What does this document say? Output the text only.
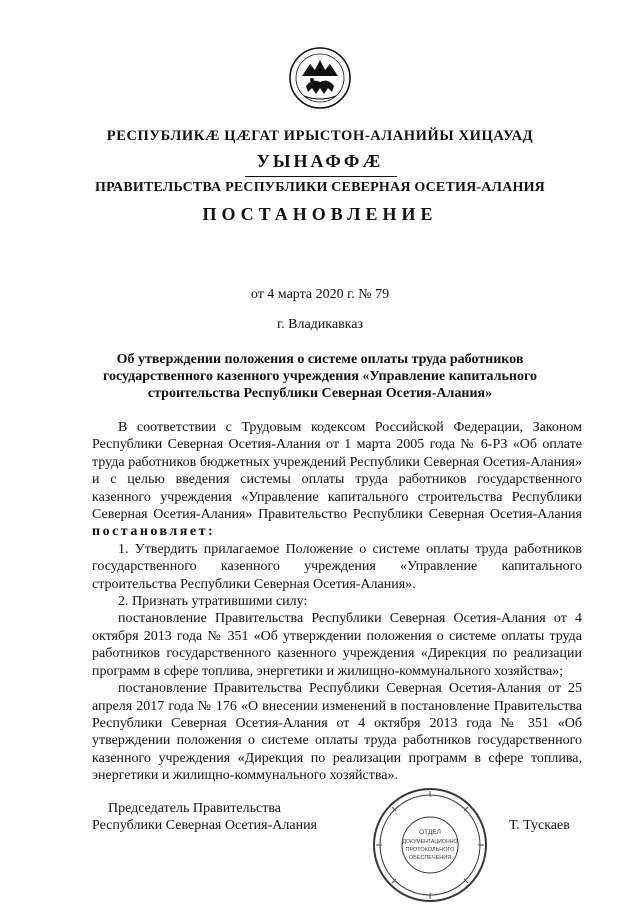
РЕСПУБЛИКӔ ЦӔГАТ ИРЫСТОН-АЛАНИЙЫ ХИЦАУАД
УЫНАФФӔ
ПРАВИТЕЛЬСТВА РЕСПУБЛИКИ СЕВЕРНАЯ ОСЕТИЯ-АЛАНИЯ
ПОСТАНОВЛЕНИЕ
от 4 марта 2020 г. № 79
г. Владикавказ
Об утверждении положения о системе оплаты труда работников государственного казенного учреждения «Управление капитального строительства Республики Северная Осетия-Алания»

В соответствии с Трудовым кодексом Российской Федерации, Законом Республики Северная Осетия-Алания от 1 марта 2005 года № 6-РЗ «Об оплате труда работников бюджетных учреждений Республики Северная Осетия-Алания» и с целью введения системы оплаты труда работников государственного казенного учреждения «Управление капитального строительства Республики Северная Осетия-Алания» Правительство Республики Северная Осетия-Алания постановляет:

1. Утвердить прилагаемое Положение о системе оплаты труда работников государственного казенного учреждения «Управление капитального строительства Республики Северная Осетия-Алания».

2. Признать утратившими силу:

постановление Правительства Республики Северная Осетия-Алания от 4 октября 2013 года № 351 «Об утверждении положения о системе оплаты труда работников государственного казенного учреждения «Дирекция по реализации программ в сфере топлива, энергетики и жилищно-коммунального хозяйства»;

постановление Правительства Республики Северная Осетия-Алания от 25 апреля 2017 года № 176 «О внесении изменений в постановление Правительства Республики Северная Осетия-Алания от 4 октября 2013 года № 351 «Об утверждении положения о системе оплаты труда работников государственного казенного учреждения «Дирекция по реализации программ в сфере топлива, энергетики и жилищно-коммунального хозяйства».

ОТДЕЛ
ДОКУМЕНТАЦИОННО
ПРОТОКОЛЬНОГО
ОБЕСПЕЧЕНИЯ
Председатель Правительства
Республики Северная Осетия-Алания	Т. Тускаев
